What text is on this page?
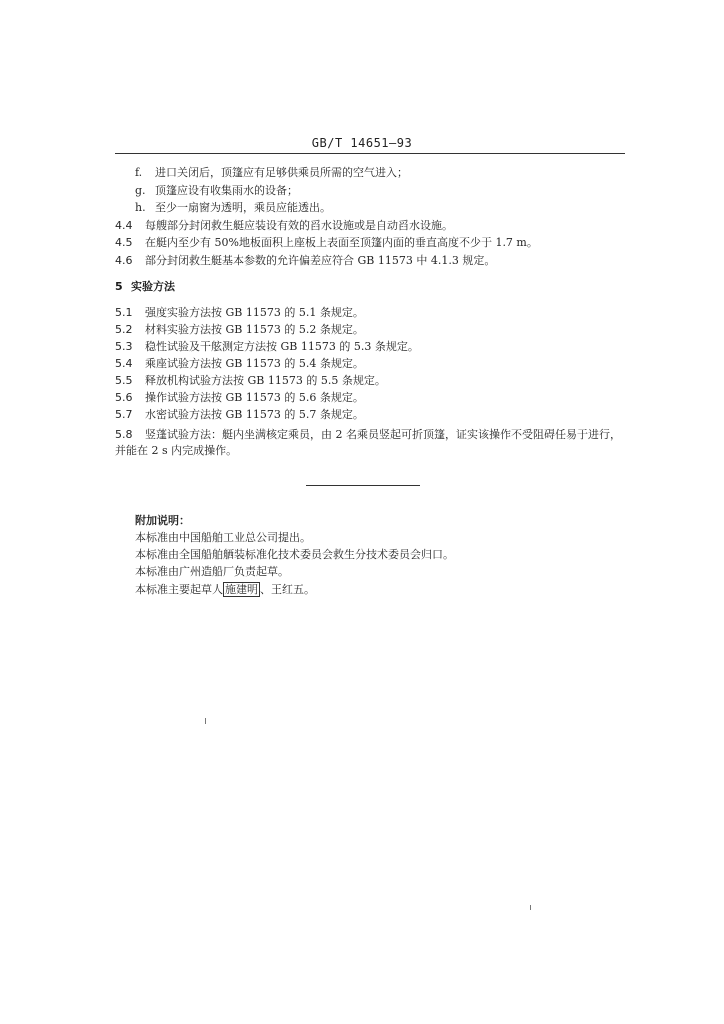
GB/T 14651—93
f. 进口关闭后，顶篷应有足够供乘员所需的空气进入；
g. 顶篷应设有收集雨水的设备；
h. 至少一扇窗为透明，乘员应能透出。
4.4 每艘部分封闭救生艇应装设有效的舀水设施或是自动舀水设施。
4.5 在艇内至少有 50%地板面积上座板上表面至顶篷内面的垂直高度不少于 1.7 m。
4.6 部分封闭救生艇基本参数的允许偏差应符合 GB 11573 中 4.1.3 规定。
5 实验方法
5.1 强度实验方法按 GB 11573 的 5.1 条规定。
5.2 材料实验方法按 GB 11573 的 5.2 条规定。
5.3 稳性试验及干舷测定方法按 GB 11573 的 5.3 条规定。
5.4 乘座试验方法按 GB 11573 的 5.4 条规定。
5.5 释放机构试验方法按 GB 11573 的 5.5 条规定。
5.6 操作试验方法按 GB 11573 的 5.6 条规定。
5.7 水密试验方法按 GB 11573 的 5.7 条规定。
5.8 竖蓬试验方法：艇内坐满核定乘员，由 2 名乘员竖起可折顶篷，证实该操作不受阻碍任易于进行，
并能在 2 s 内完成操作。
附加说明：
本标准由中国船舶工业总公司提出。
本标准由全国船舶舾装标准化技术委员会救生分技术委员会归口。
本标准由广州造船厂负责起草。
本标准主要起草人 施建明 、王红五。
